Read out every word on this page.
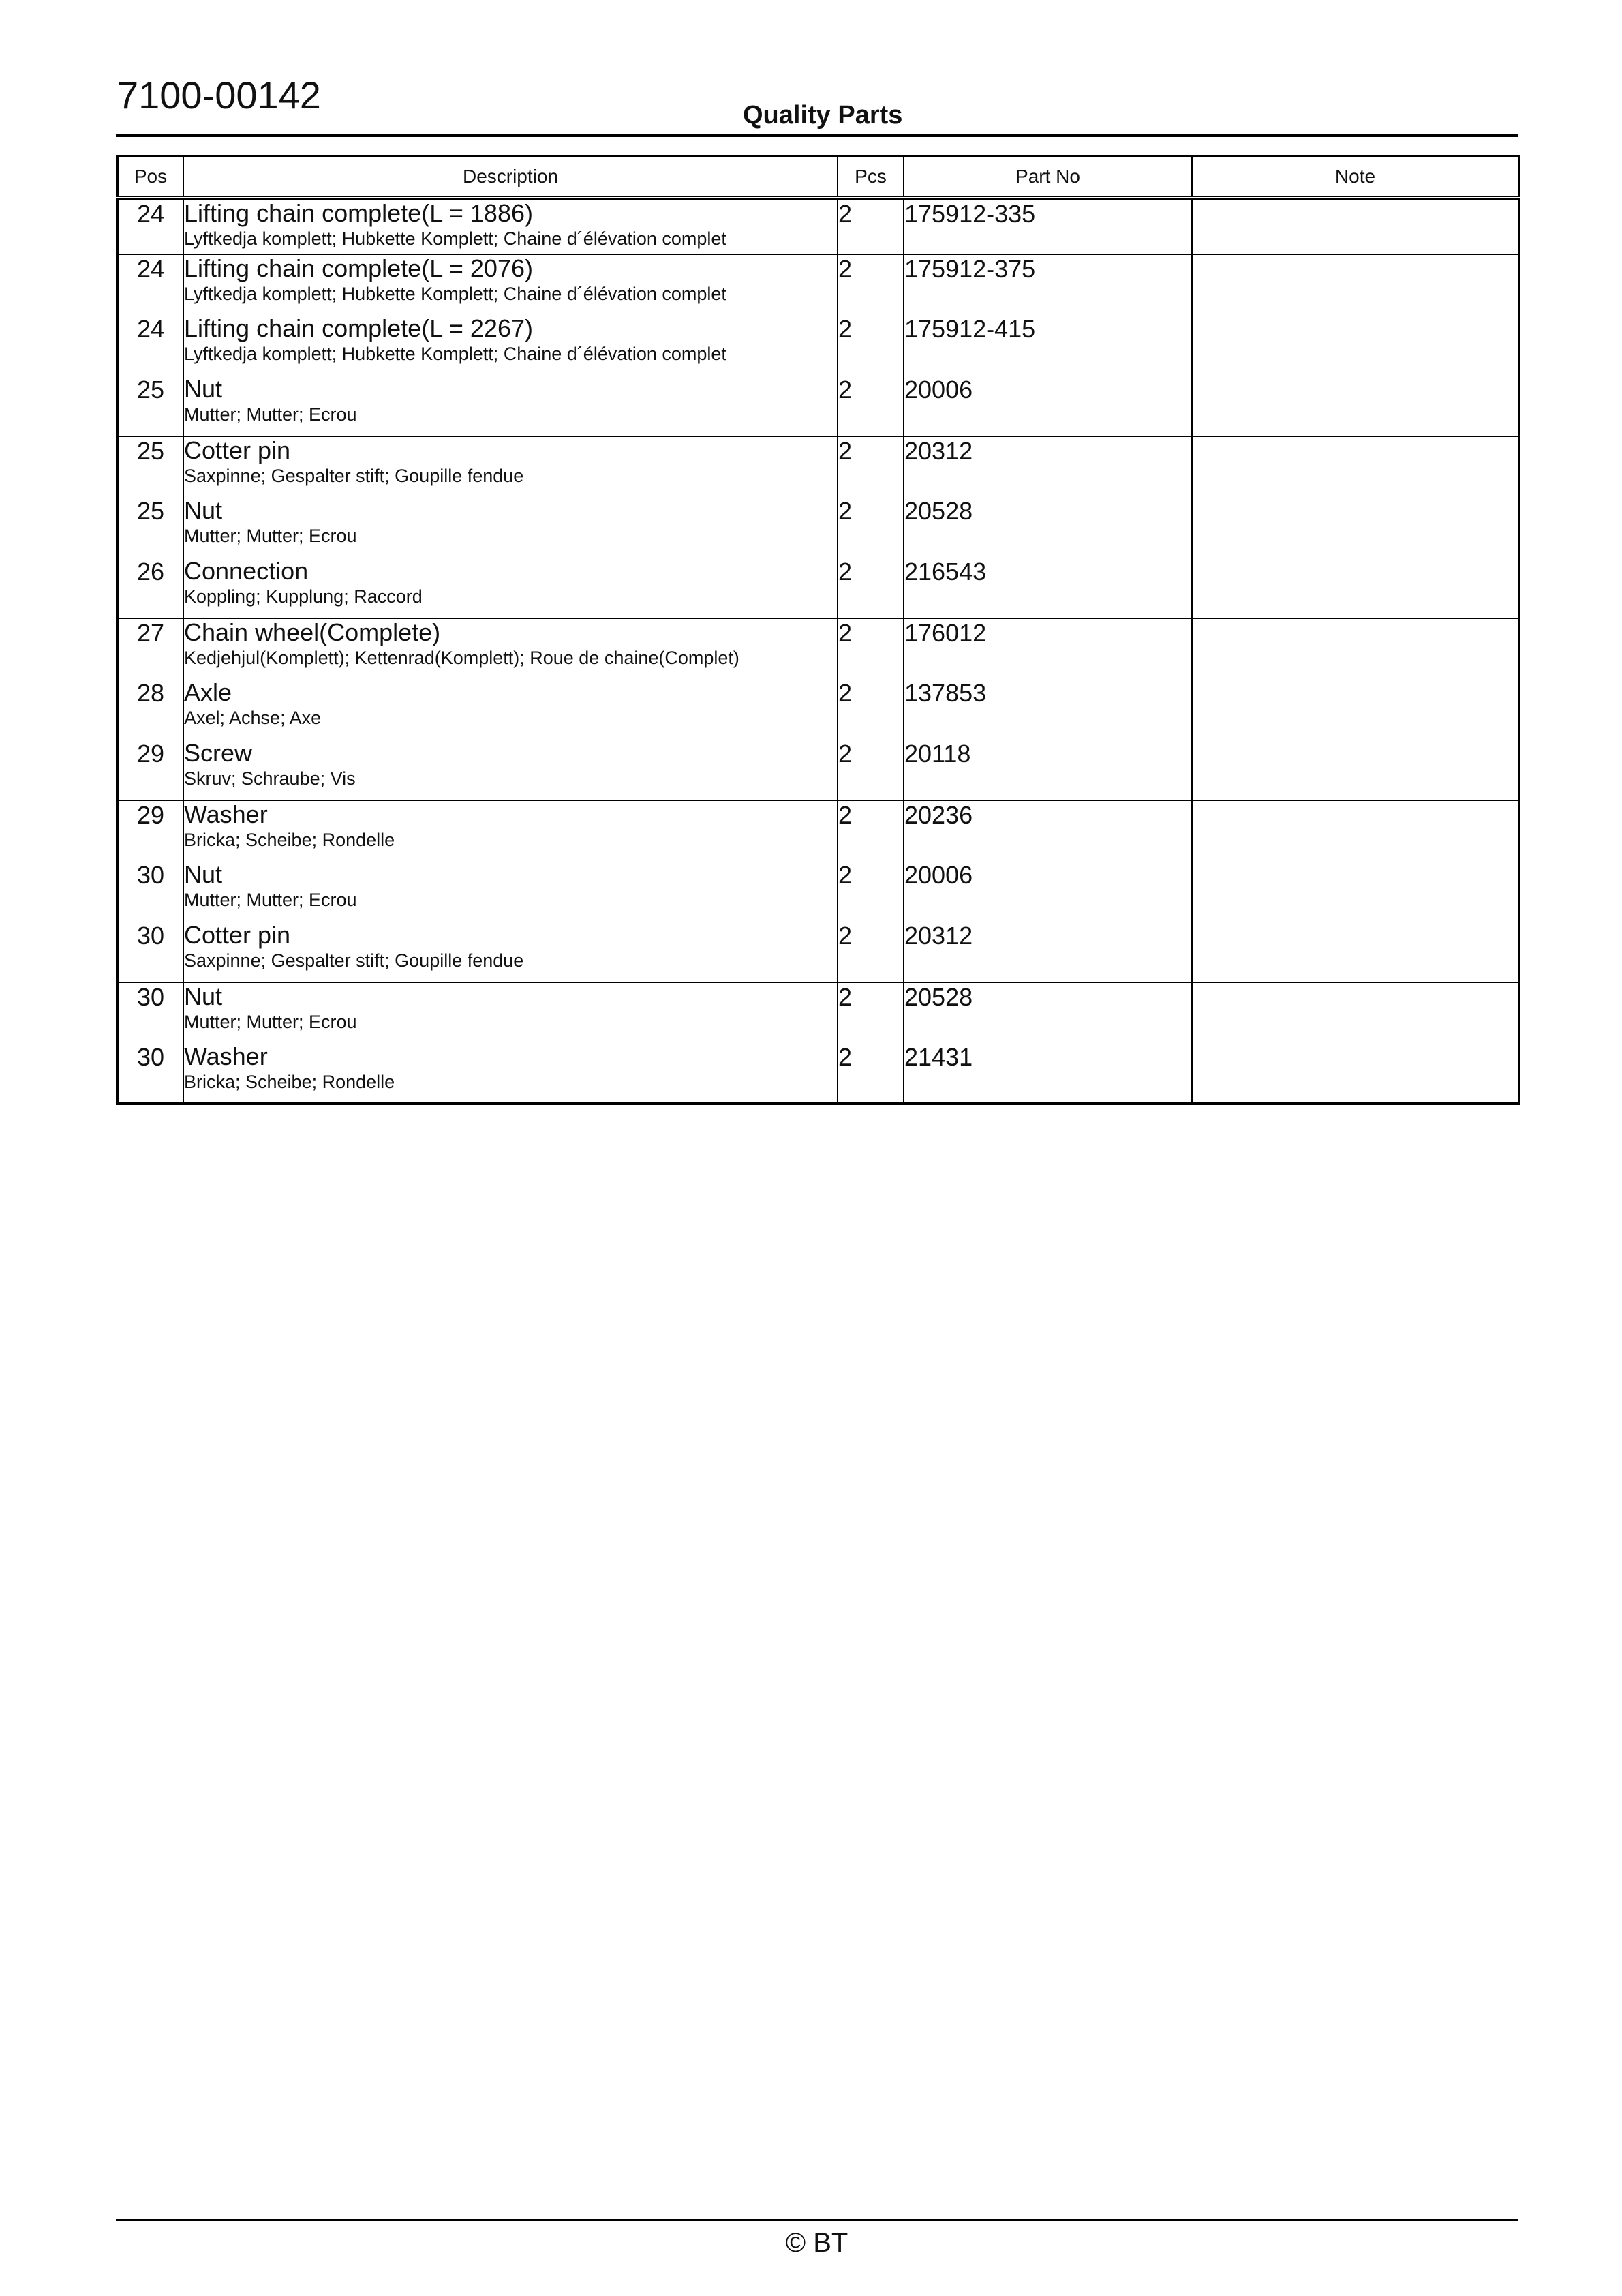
7100-00142	Quality Parts
Pos	Description	Pcs	Part No	Note
24	Lifting chain complete(L = 1886)
Lyftkedja komplett; Hubkette Komplett; Chaine d´élévation complet	2	175912-335	
24	Lifting chain complete(L = 2076)
Lyftkedja komplett; Hubkette Komplett; Chaine d´élévation complet	2	175912-375	
24	Lifting chain complete(L = 2267)
Lyftkedja komplett; Hubkette Komplett; Chaine d´élévation complet	2	175912-415	
25	Nut
Mutter; Mutter; Ecrou	2	20006	
25	Cotter pin
Saxpinne; Gespalter stift; Goupille fendue	2	20312	
25	Nut
Mutter; Mutter; Ecrou	2	20528	
26	Connection
Koppling; Kupplung; Raccord	2	216543	
27	Chain wheel(Complete)
Kedjehjul(Komplett); Kettenrad(Komplett); Roue de chaine(Complet)	2	176012	
28	Axle
Axel; Achse; Axe	2	137853	
29	Screw
Skruv; Schraube; Vis	2	20118	
29	Washer
Bricka; Scheibe; Rondelle	2	20236	
30	Nut
Mutter; Mutter; Ecrou	2	20006	
30	Cotter pin
Saxpinne; Gespalter stift; Goupille fendue	2	20312	
30	Nut
Mutter; Mutter; Ecrou	2	20528	
30	Washer
Bricka; Scheibe; Rondelle	2	21431	
© BT
